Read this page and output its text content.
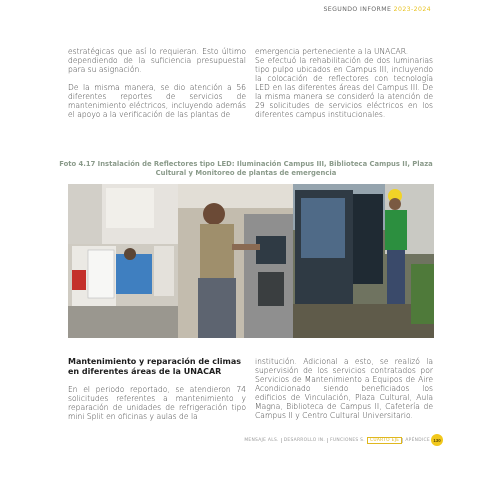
SEGUNDO INFORME 2023-2024

estratégicas que así lo requieran. Esto último dependiendo de la suficiencia presupuestal para su asignación.

De la misma manera, se dio atención a 56 diferentes reportes de servicios de mantenimiento eléctricos, incluyendo además el apoyo a la verificación de las plantas de

emergencia perteneciente a la UNACAR.

Se efectuó la rehabilitación de dos luminarias tipo pulpo ubicados en Campus III, incluyendo la colocación de reflectores con tecnología LED en las diferentes áreas del Campus III. De la misma manera se consideró la atención de 29 solicitudes de servicios eléctricos en los diferentes campus institucionales.

Foto 4.17 Instalación de Reflectores tipo LED: Iluminación Campus III, Biblioteca Campus II, Plaza Cultural y Monitoreo de plantas de emergencia
Mantenimiento y reparación de climas en diferentes áreas de la UNACAR

En el periodo reportado, se atendieron 74 solicitudes referentes a mantenimiento y reparación de unidades de refrigeración tipo mini Split en oficinas y aulas de la

institución. Adicional a esto, se realizó la supervisión de los servicios contratados por Servicios de Mantenimiento a Equipos de Aire Acondicionado siendo beneficiados los edificios de Vinculación, Plaza Cultural, Aula Magna, Biblioteca de Campus II, Cafetería de Campus II y Centro Cultural Universitario.

MENSAJE ALS.	DESARROLLO IN.	FUNCIONES S.	CUARTO EJE	APÉNDICE 130
